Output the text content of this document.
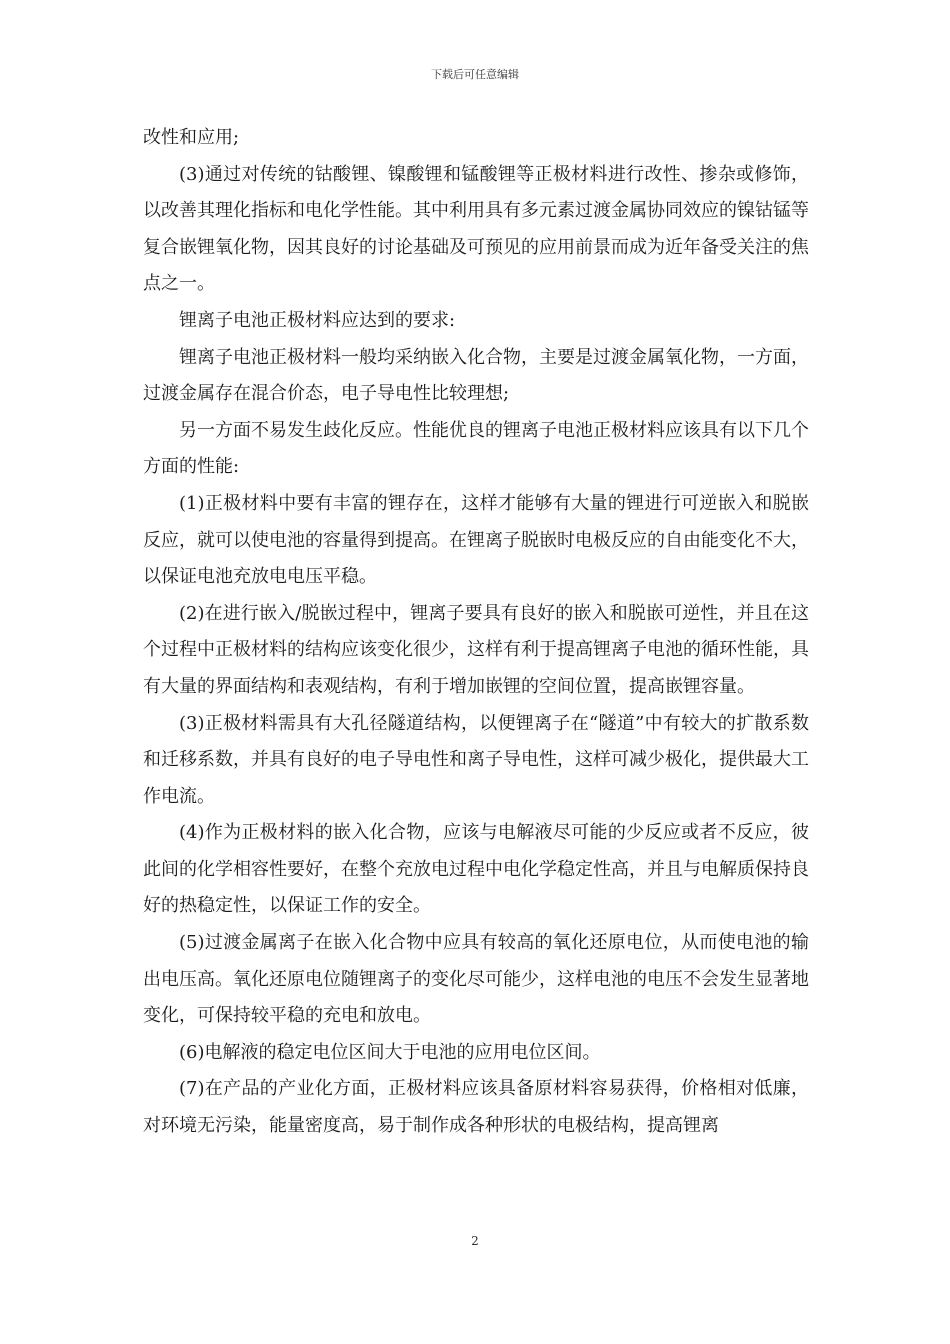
下载后可任意编辑

改性和应用;

(3)通过对传统的钴酸锂、镍酸锂和锰酸锂等正极材料进行改性、掺杂或修饰，以改善其理化指标和电化学性能。其中利用具有多元素过渡金属协同效应的镍钴锰等复合嵌锂氧化物，因其良好的讨论基础及可预见的应用前景而成为近年备受关注的焦点之一。

锂离子电池正极材料应达到的要求:

锂离子电池正极材料一般均采纳嵌入化合物，主要是过渡金属氧化物，一方面，过渡金属存在混合价态，电子导电性比较理想;

另一方面不易发生歧化反应。性能优良的锂离子电池正极材料应该具有以下几个方面的性能:

(1)正极材料中要有丰富的锂存在，这样才能够有大量的锂进行可逆嵌入和脱嵌反应，就可以使电池的容量得到提高。在锂离子脱嵌时电极反应的自由能变化不大，以保证电池充放电电压平稳。

(2)在进行嵌入/脱嵌过程中，锂离子要具有良好的嵌入和脱嵌可逆性，并且在这个过程中正极材料的结构应该变化很少，这样有利于提高锂离子电池的循环性能，具有大量的界面结构和表观结构，有利于增加嵌锂的空间位置，提高嵌锂容量。

(3)正极材料需具有大孔径隧道结构，以便锂离子在“隧道”中有较大的扩散系数和迁移系数，并具有良好的电子导电性和离子导电性，这样可减少极化，提供最大工作电流。

(4)作为正极材料的嵌入化合物，应该与电解液尽可能的少反应或者不反应，彼此间的化学相容性要好，在整个充放电过程中电化学稳定性高，并且与电解质保持良好的热稳定性，以保证工作的安全。

(5)过渡金属离子在嵌入化合物中应具有较高的氧化还原电位，从而使电池的输出电压高。氧化还原电位随锂离子的变化尽可能少，这样电池的电压不会发生显著地变化，可保持较平稳的充电和放电。

(6)电解液的稳定电位区间大于电池的应用电位区间。

(7)在产品的产业化方面，正极材料应该具备原材料容易获得，价格相对低廉，对环境无污染，能量密度高，易于制作成各种形状的电极结构，提高锂离

2
